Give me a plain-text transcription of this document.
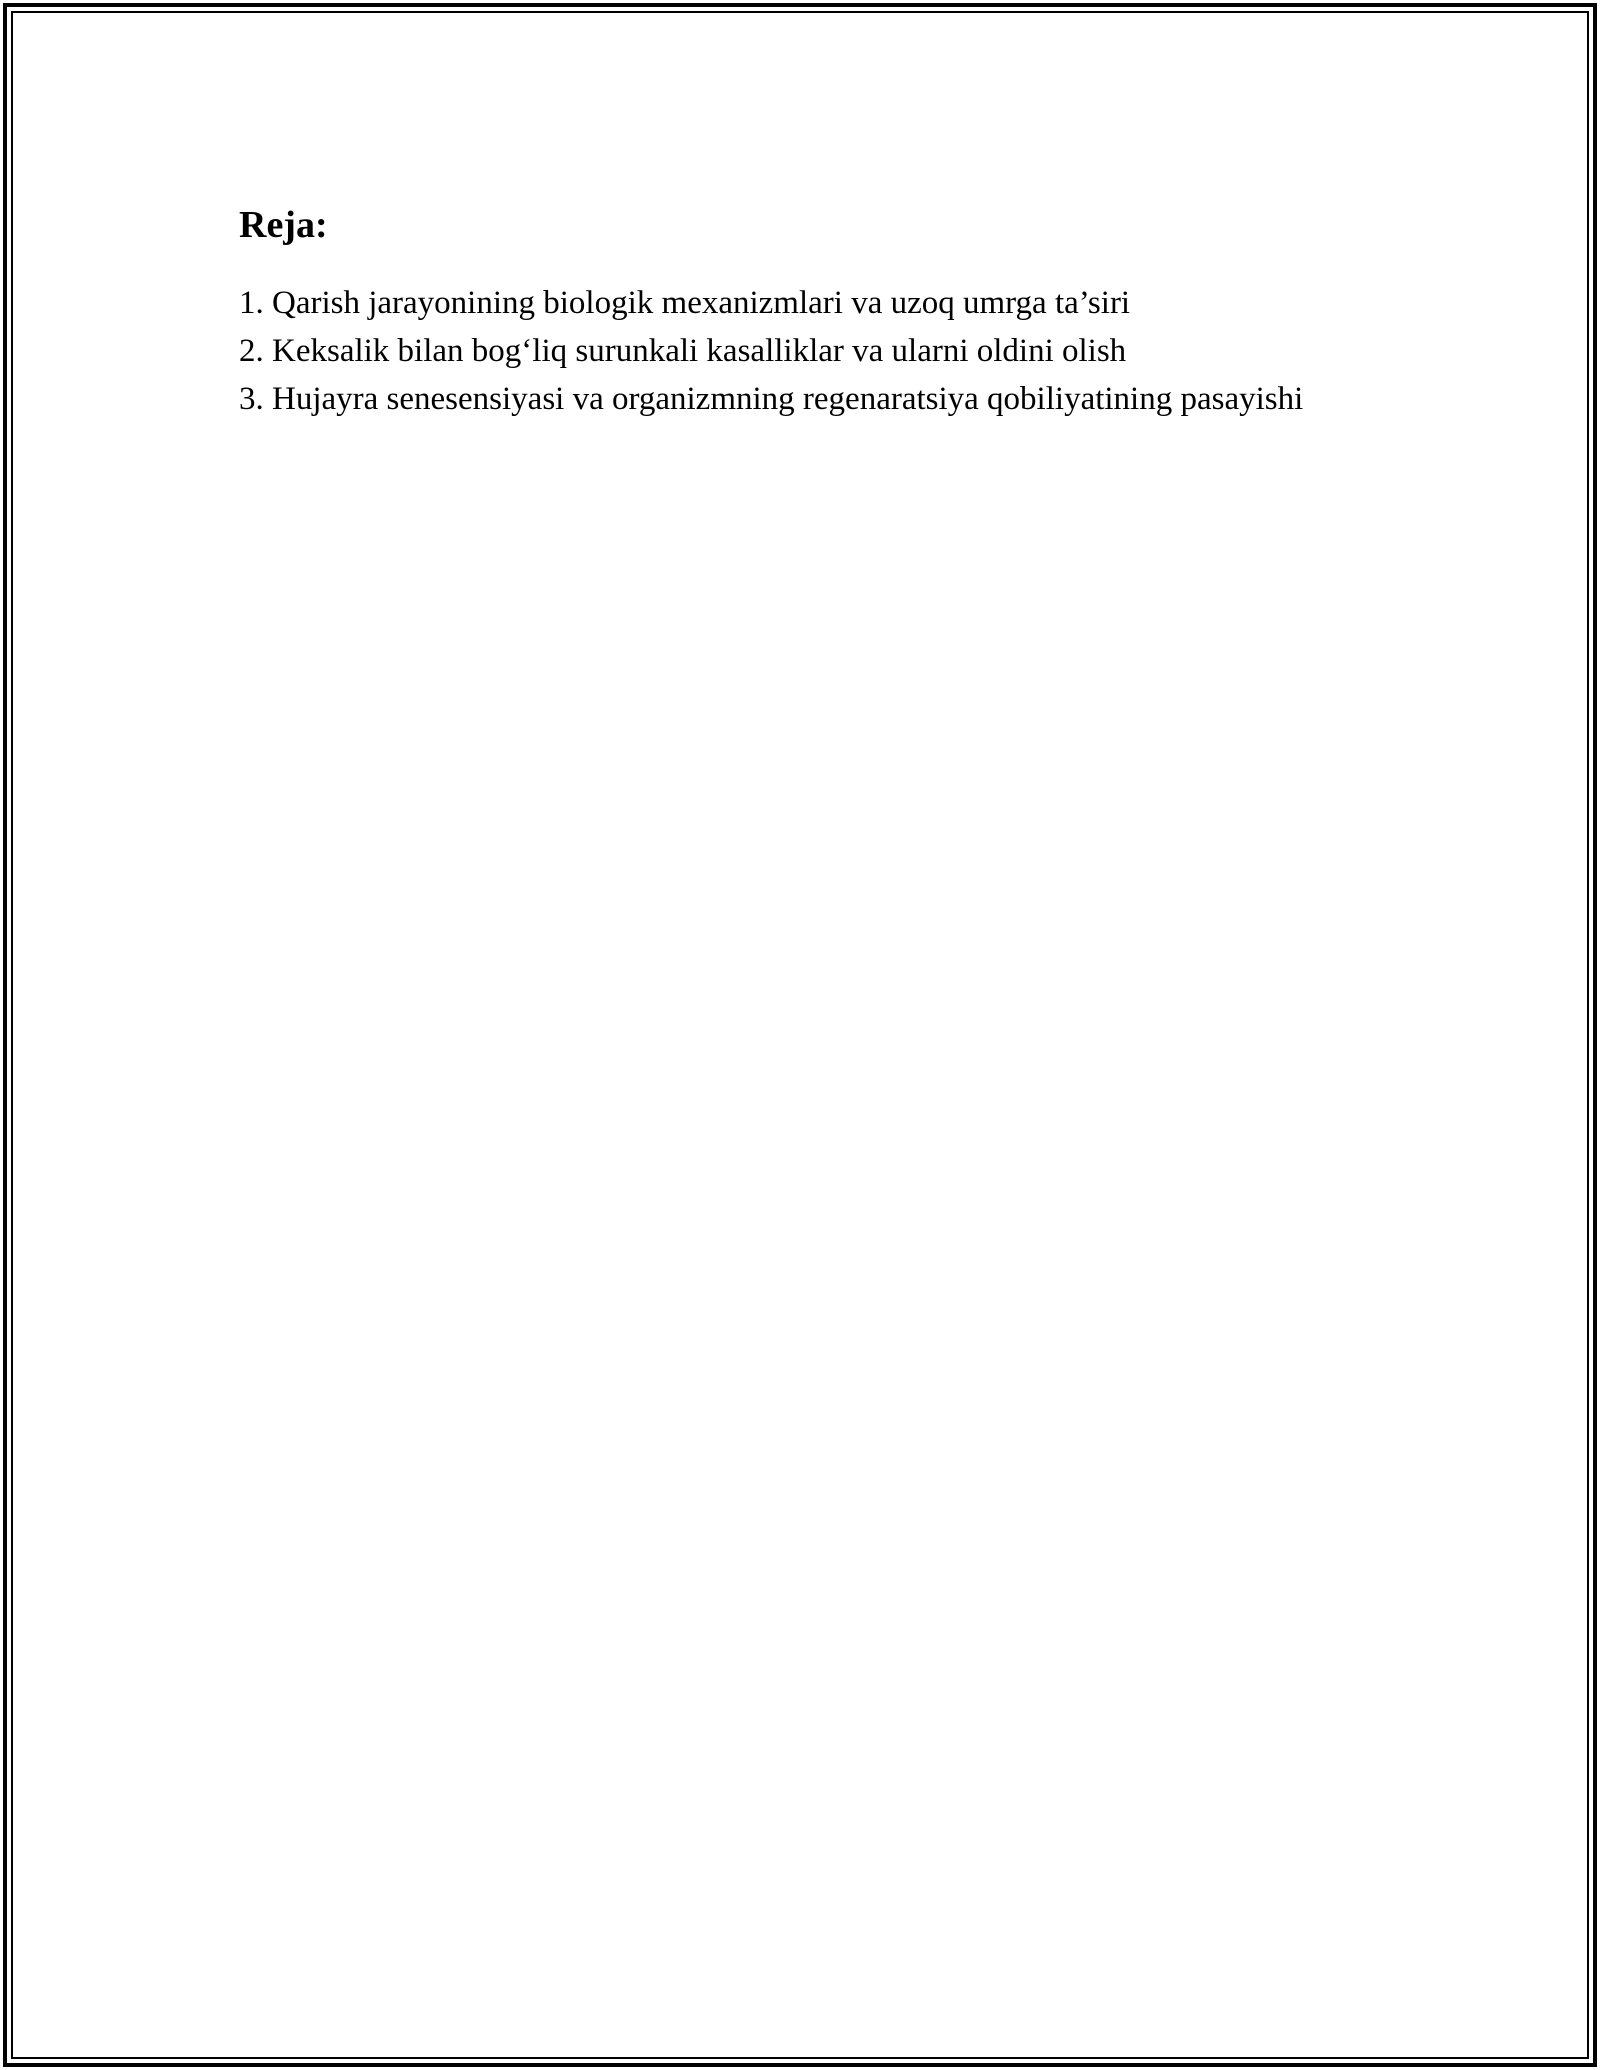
Reja:
1. Qarish jarayonining biologik mexanizmlari va uzoq umrga ta’siri
2. Keksalik bilan bog‘liq surunkali kasalliklar va ularni oldini olish
3. Hujayra senesensiyasi va organizmning regenaratsiya qobiliyatining pasayishi
